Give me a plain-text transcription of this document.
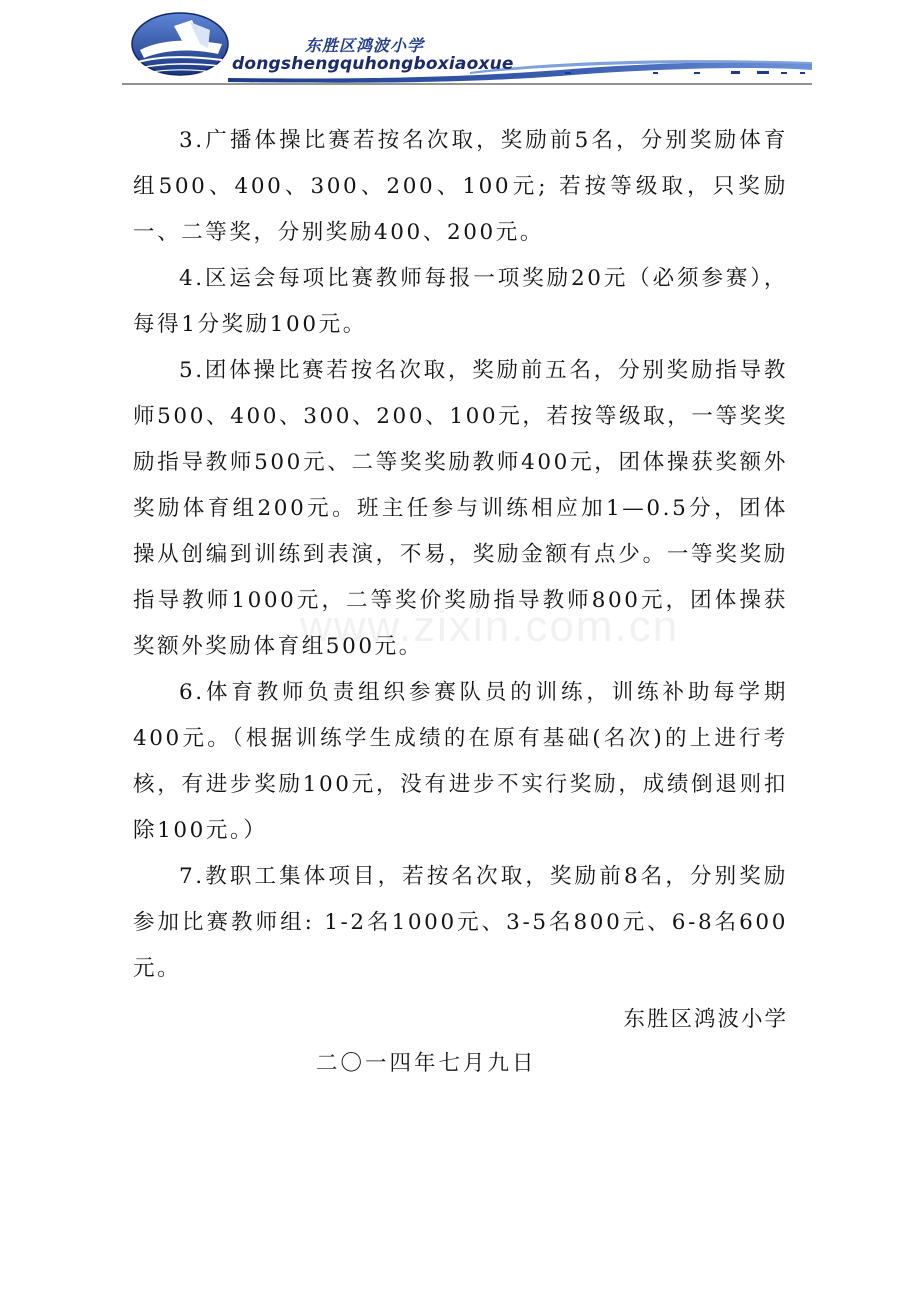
东胜区鸿波小学
dongshengquhongboxiaoxue
www.zixin.com.cn

3.广播体操比赛若按名次取，奖励前5名，分别奖励体育组500、400、300、200、100元; 若按等级取，只奖励一、二等奖，分别奖励400、200元。

4.区运会每项比赛教师每报一项奖励20元（必须参赛），每得1分奖励100元。

5.团体操比赛若按名次取，奖励前五名，分别奖励指导教师500、400、300、200、100元，若按等级取，一等奖奖励指导教师500元、二等奖奖励教师400元，团体操获奖额外奖励体育组200元。班主任参与训练相应加1—0.5分，团体操从创编到训练到表演，不易，奖励金额有点少。一等奖奖励指导教师1000元，二等奖价奖励指导教师800元，团体操获奖额外奖励体育组500元。

6.体育教师负责组织参赛队员的训练，训练补助每学期400元。（根据训练学生成绩的在原有基础(名次)的上进行考核，有进步奖励100元，没有进步不实行奖励，成绩倒退则扣除100元。）

7.教职工集体项目，若按名次取，奖励前8名，分别奖励参加比赛教师组: 1-2名1000元、3-5名800元、6-8名600元。

东胜区鸿波小学
二〇一四年七月九日
